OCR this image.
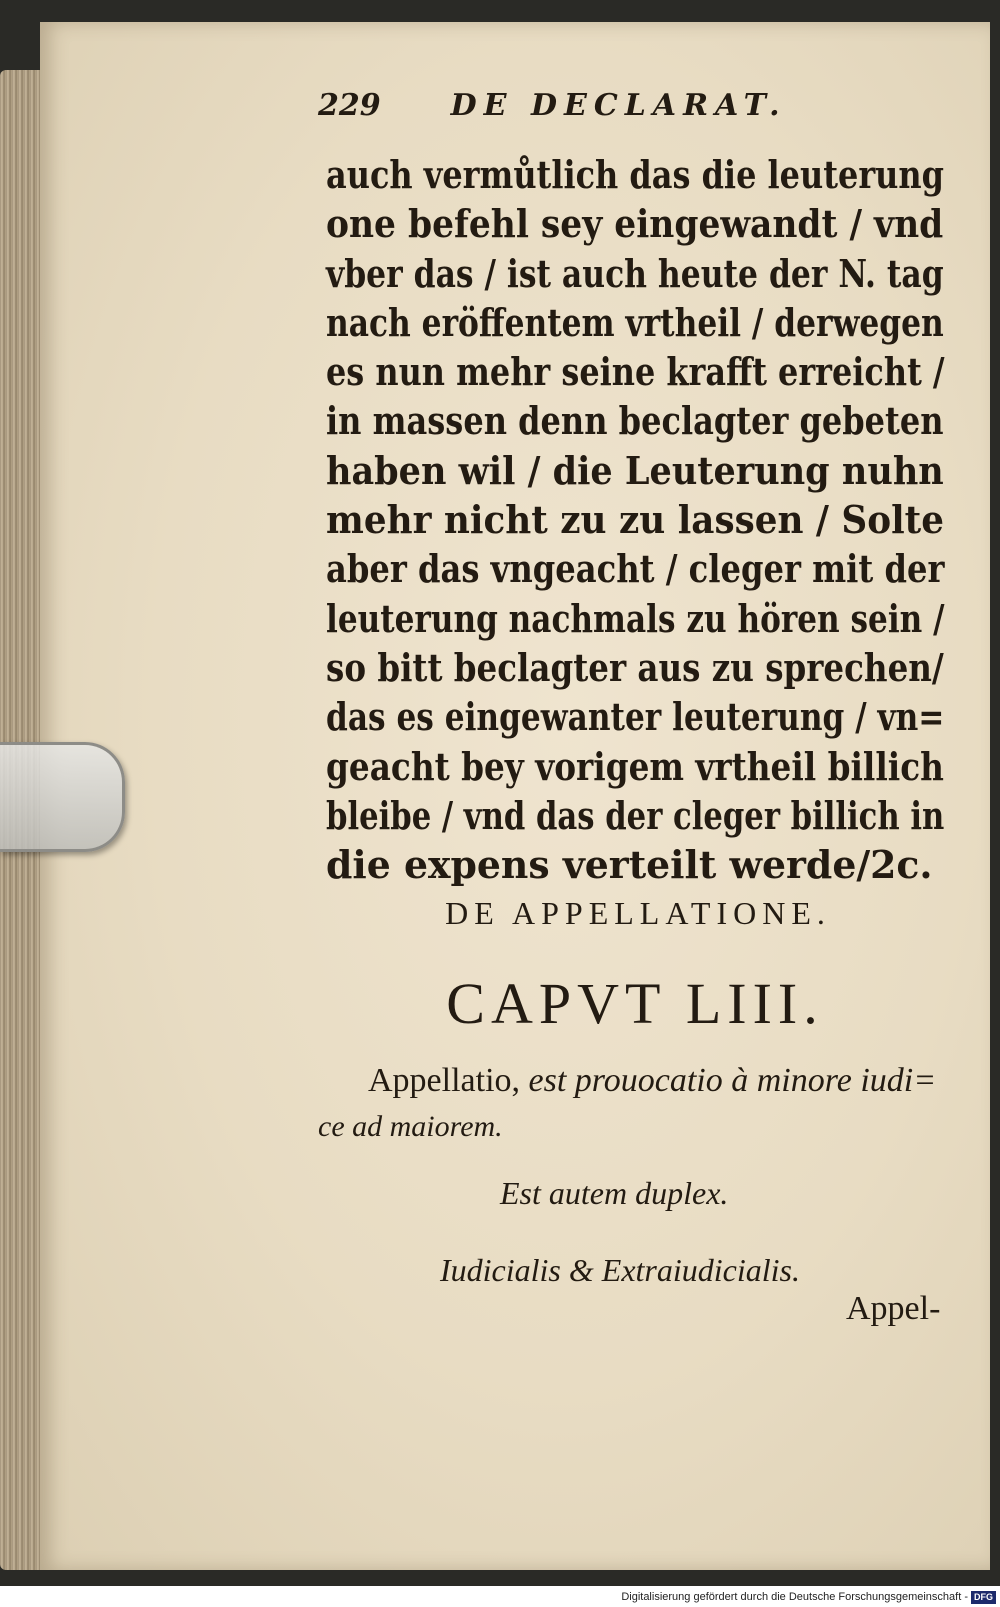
229 DE DECLARAT.
auch vermůtlich das die leuterung
one befehl sey eingewandt / vnd
vber das / ist auch heute der N. tag
nach eröffentem vrtheil / derwegen
es nun mehr seine krafft erreicht /
in massen denn beclagter gebeten
haben wil / die Leuterung nuhn
mehr nicht zu zu lassen / Solte
aber das vngeacht / cleger mit der
leuterung nachmals zu hören sein /
so bitt beclagter aus zu sprechen/
das es eingewanter leuterung / vn=
geacht bey vorigem vrtheil billich
bleibe / vnd das der cleger billich in
die expens verteilt werde/2c.
DE APPELLATIONE.
CAPVT LIII.
Appellatio, est prouocatio à minore iudi=
ce ad maiorem.
Est autem duplex.
Iudicialis & Extraiudicialis.
Appel-
Digitalisierung gefördert durch die Deutsche Forschungsgemeinschaft - DFG
